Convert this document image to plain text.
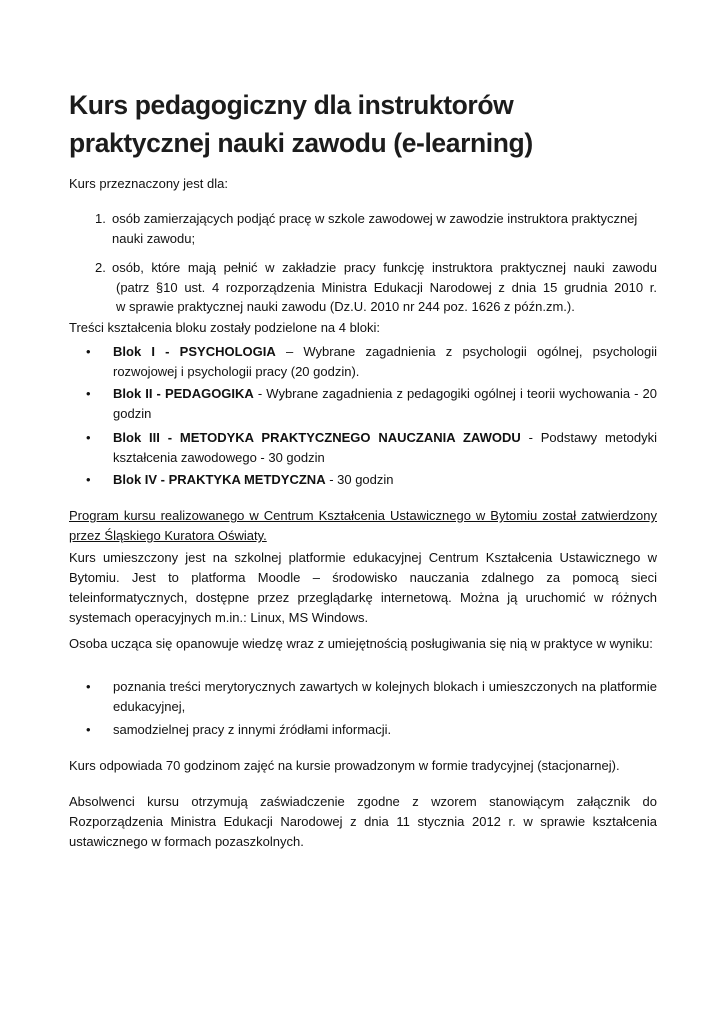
Kurs pedagogiczny dla instruktorów praktycznej nauki zawodu (e-learning)

Kurs przeznaczony jest dla:

1. osób zamierzających podjąć pracę w szkole zawodowej w zawodzie instruktora praktycznej nauki zawodu;
2. osób, które mają pełnić w zakładzie pracy funkcję instruktora praktycznej nauki zawodu
(patrz §10 ust. 4 rozporządzenia Ministra Edukacji Narodowej z dnia 15 grudnia 2010 r.
w sprawie praktycznej nauki zawodu (Dz.U. 2010 nr 244 poz. 1626 z późn.zm.).

Treści kształcenia bloku zostały podzielone na 4 bloki:

• Blok I - PSYCHOLOGIA – Wybrane zagadnienia z psychologii ogólnej, psychologii rozwojowej i psychologii pracy (20 godzin).
• Blok II - PEDAGOGIKA - Wybrane zagadnienia z pedagogiki ogólnej i teorii wychowania - 20 godzin
• Blok III - METODYKA PRAKTYCZNEGO NAUCZANIA ZAWODU - Podstawy metodyki kształcenia zawodowego - 30 godzin
• Blok IV - PRAKTYKA METDYCZNA - 30 godzin

Program kursu realizowanego w Centrum Kształcenia Ustawicznego w Bytomiu został zatwierdzony przez Śląskiego Kuratora Oświaty.

Kurs umieszczony jest na szkolnej platformie edukacyjnej Centrum Kształcenia Ustawicznego w Bytomiu. Jest to platforma Moodle – środowisko nauczania zdalnego za pomocą sieci teleinformatycznych, dostępne przez przeglądarkę internetową. Można ją uruchomić w różnych systemach operacyjnych m.in.: Linux, MS Windows.

Osoba ucząca się opanowuje wiedzę wraz z umiejętnością posługiwania się nią w praktyce w wyniku:

• poznania treści merytorycznych zawartych w kolejnych blokach i umieszczonych na platformie edukacyjnej,
• samodzielnej pracy z innymi źródłami informacji.

Kurs odpowiada 70 godzinom zajęć na kursie prowadzonym w formie tradycyjnej (stacjonarnej).

Absolwenci kursu otrzymują zaświadczenie zgodne z wzorem stanowiącym załącznik do Rozporządzenia Ministra Edukacji Narodowej z dnia 11 stycznia 2012 r. w sprawie kształcenia ustawicznego w formach pozaszkolnych.
